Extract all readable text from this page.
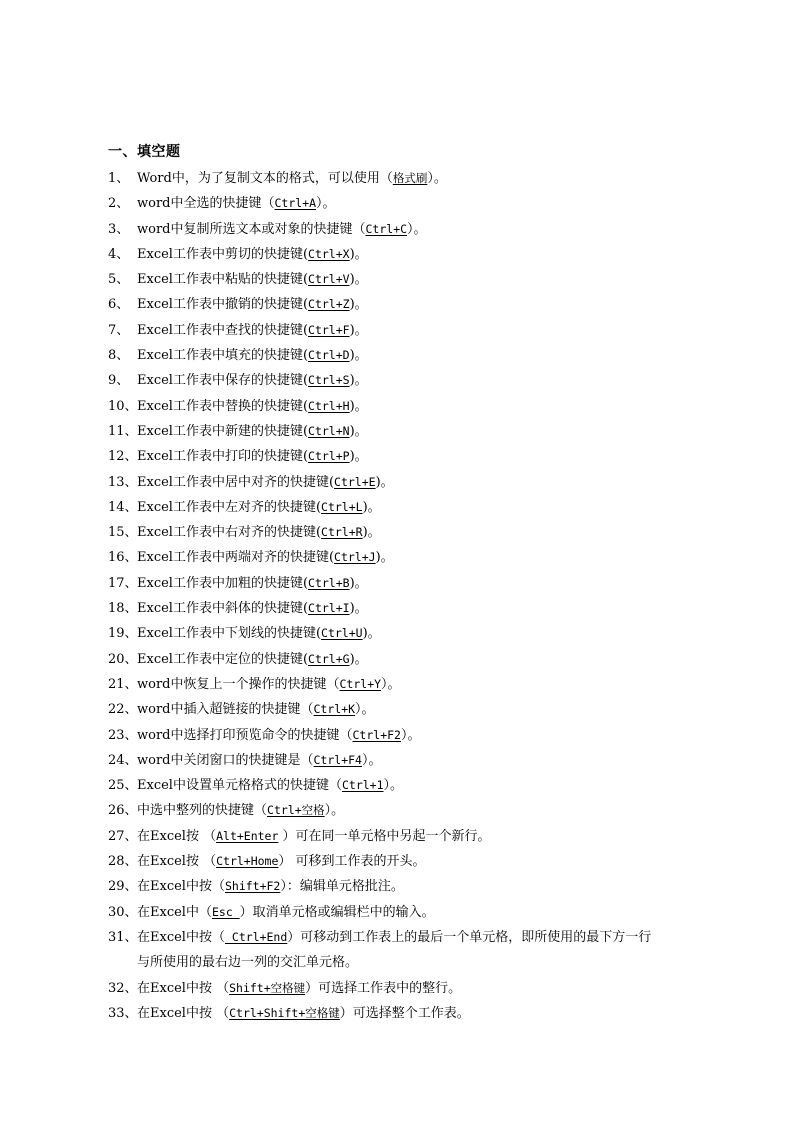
一、填空题
1、 Word中，为了复制文本的格式，可以使用（格式刷）。
2、 word中全选的快捷键（Ctrl+A）。
3、 word中复制所选文本或对象的快捷键（Ctrl+C）。
4、 Excel工作表中剪切的快捷键(Ctrl+X)。
5、 Excel工作表中粘贴的快捷键(Ctrl+V)。
6、 Excel工作表中撤销的快捷键(Ctrl+Z)。
7、 Excel工作表中查找的快捷键(Ctrl+F)。
8、 Excel工作表中填充的快捷键(Ctrl+D)。
9、 Excel工作表中保存的快捷键(Ctrl+S)。
10、 Excel工作表中替换的快捷键(Ctrl+H)。
11、 Excel工作表中新建的快捷键(Ctrl+N)。
12、 Excel工作表中打印的快捷键(Ctrl+P)。
13、 Excel工作表中居中对齐的快捷键(Ctrl+E)。
14、 Excel工作表中左对齐的快捷键(Ctrl+L)。
15、 Excel工作表中右对齐的快捷键(Ctrl+R)。
16、 Excel工作表中两端对齐的快捷键(Ctrl+J)。
17、 Excel工作表中加粗的快捷键(Ctrl+B)。
18、 Excel工作表中斜体的快捷键(Ctrl+I)。
19、 Excel工作表中下划线的快捷键(Ctrl+U)。
20、 Excel工作表中定位的快捷键(Ctrl+G)。
21、 word中恢复上一个操作的快捷键（Ctrl+Y）。
22、 word中插入超链接的快捷键（Ctrl+K）。
23、 word中选择打印预览命令的快捷键（Ctrl+F2）。
24、 word中关闭窗口的快捷键是（Ctrl+F4）。
25、 Excel中设置单元格格式的快捷键（Ctrl+1）。
26、 中选中整列的快捷键（Ctrl+空格）。
27、 在Excel按 （Alt+Enter ）可在同一单元格中另起一个新行。
28、 在Excel按 （Ctrl+Home） 可移到工作表的开头。
29、 在Excel中按（Shift+F2）：编辑单元格批注。
30、 在Excel中（Esc ）取消单元格或编辑栏中的输入。
31、 在Excel中按（ Ctrl+End）可移动到工作表上的最后一个单元格，即所使用的最下方一行
与所使用的最右边一列的交汇单元格。
32、 在Excel中按 （Shift+空格键）可选择工作表中的整行。
33、 在Excel中按 （Ctrl+Shift+空格键）可选择整个工作表。
